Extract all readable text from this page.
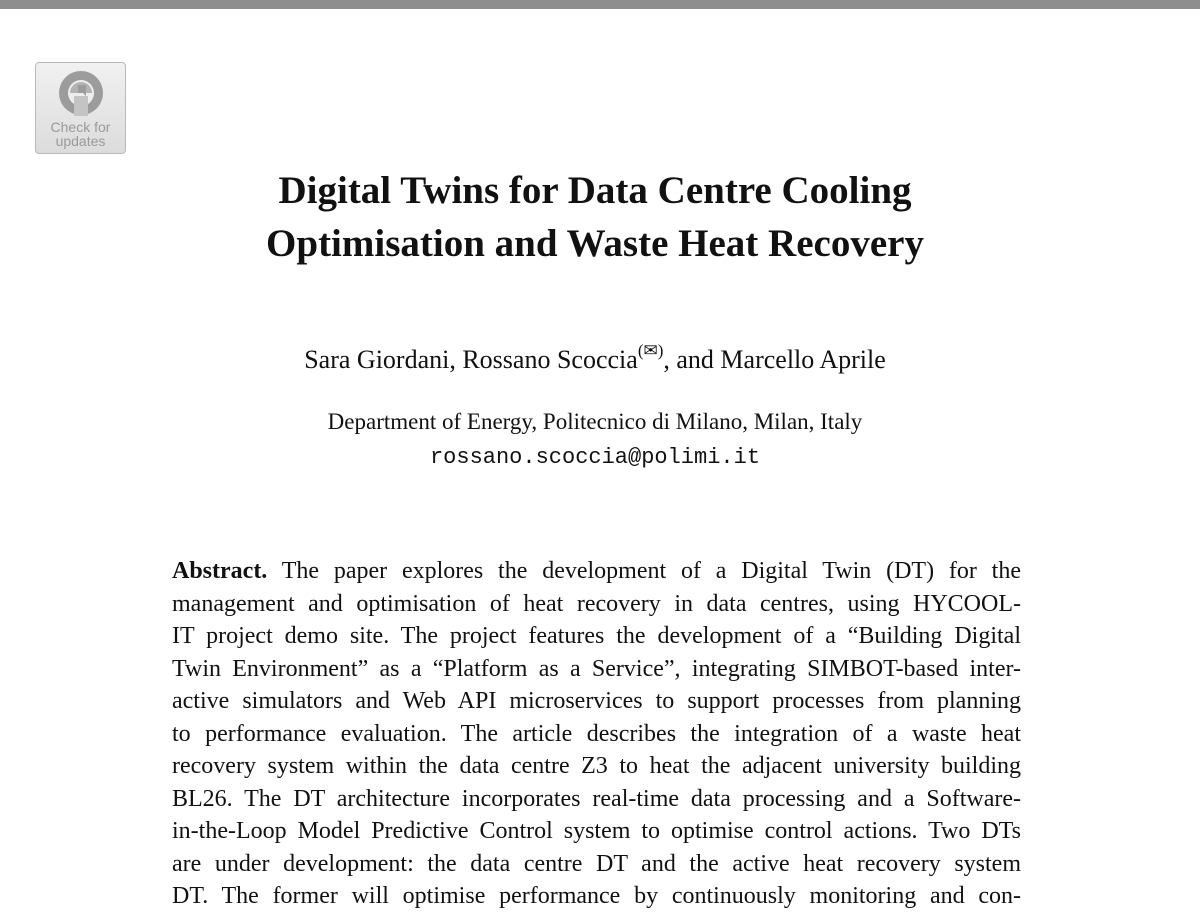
Check for
updates
Digital Twins for Data Centre Cooling
Optimisation and Waste Heat Recovery
Sara Giordani, Rossano Scoccia(✉), and Marcello Aprile
Department of Energy, Politecnico di Milano, Milan, Italy
rossano.scoccia@polimi.it
Abstract. The paper explores the development of a Digital Twin (DT) for the
management and optimisation of heat recovery in data centres, using HYCOOL-
IT project demo site. The project features the development of a “Building Digital
Twin Environment” as a “Platform as a Service”, integrating SIMBOT-based inter-
active simulators and Web API microservices to support processes from planning
to performance evaluation. The article describes the integration of a waste heat
recovery system within the data centre Z3 to heat the adjacent university building
BL26. The DT architecture incorporates real-time data processing and a Software-
in-the-Loop Model Predictive Control system to optimise control actions. Two DTs
are under development: the data centre DT and the active heat recovery system
DT. The former will optimise performance by continuously monitoring and con-
